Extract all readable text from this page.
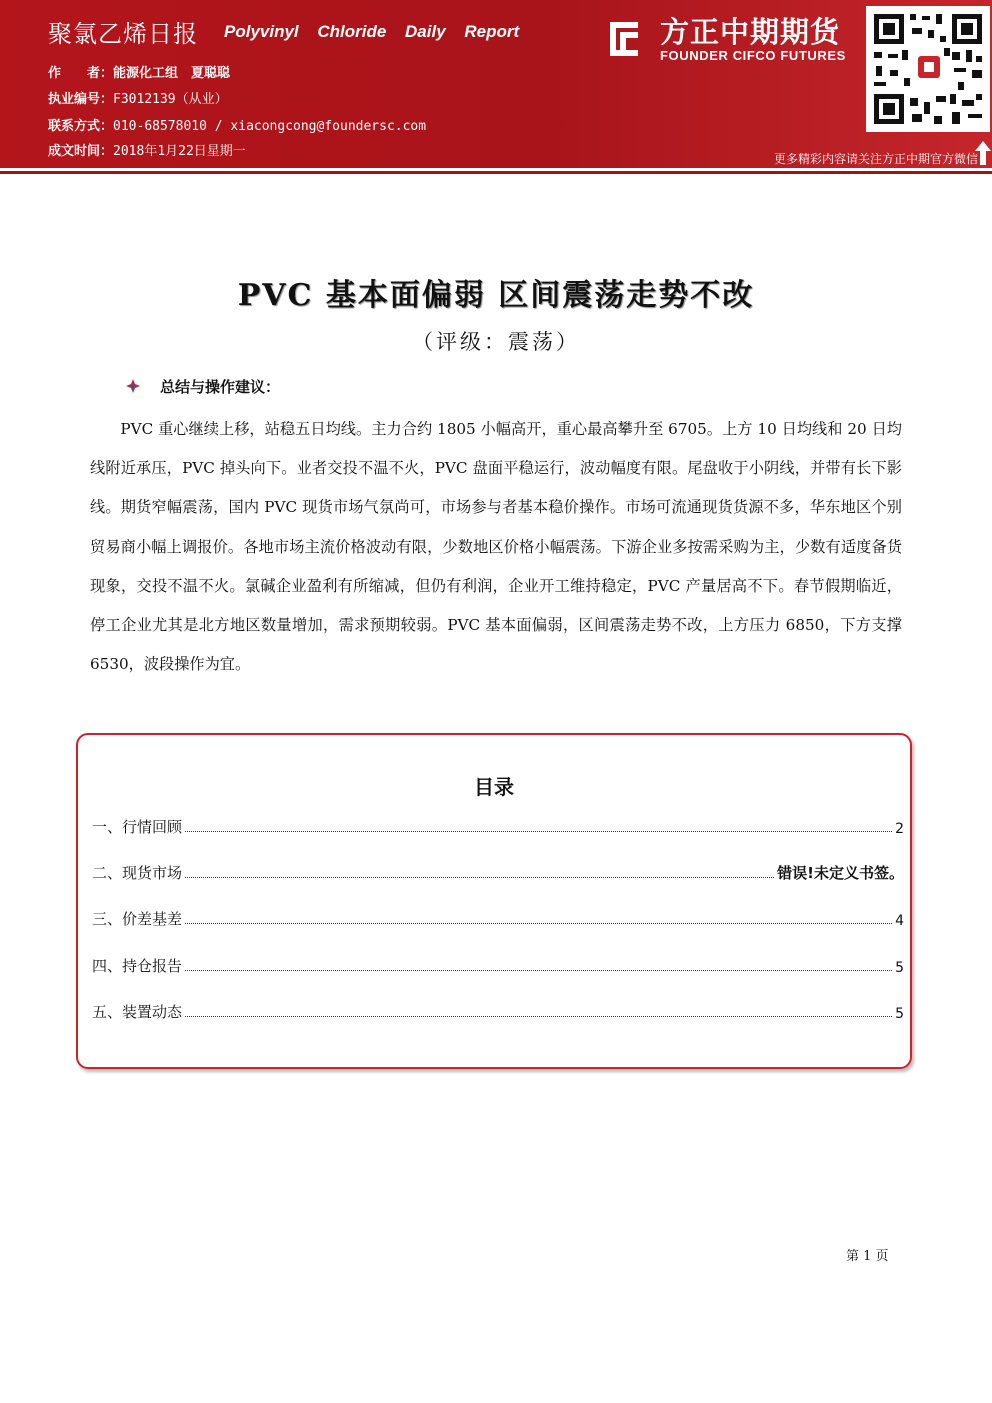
聚氯乙烯日报 Polyvinyl Chloride Daily Report
作　　者：能源化工组　夏聪聪
执业编号：F3012139（从业）
联系方式：010-68578010 / xiacongcong@foundersc.com
成文时间：2018年1月22日星期一
方正中期期货
FOUNDER CIFCO FUTURES
更多精彩内容请关注方正中期官方微信
PVC 基本面偏弱 区间震荡走势不改
（评级：震荡）
总结与操作建议：
PVC 重心继续上移，站稳五日均线。主力合约 1805 小幅高开，重心最高攀升至 6705。上方 10 日均线和 20 日均线附近承压，PVC 掉头向下。业者交投不温不火，PVC 盘面平稳运行，波动幅度有限。尾盘收于小阴线，并带有长下影线。期货窄幅震荡，国内 PVC 现货市场气氛尚可，市场参与者基本稳价操作。市场可流通现货货源不多，华东地区个别贸易商小幅上调报价。各地市场主流价格波动有限，少数地区价格小幅震荡。下游企业多按需采购为主，少数有适度备货现象，交投不温不火。氯碱企业盈利有所缩减，但仍有利润，企业开工维持稳定，PVC 产量居高不下。春节假期临近，停工企业尤其是北方地区数量增加，需求预期较弱。PVC 基本面偏弱，区间震荡走势不改，上方压力 6850，下方支撑 6530，波段操作为宜。
目录
一、行情回顾	2
二、现货市场	错误!未定义书签。
三、价差基差	4
四、持仓报告	5
五、装置动态	5
第 1 页
